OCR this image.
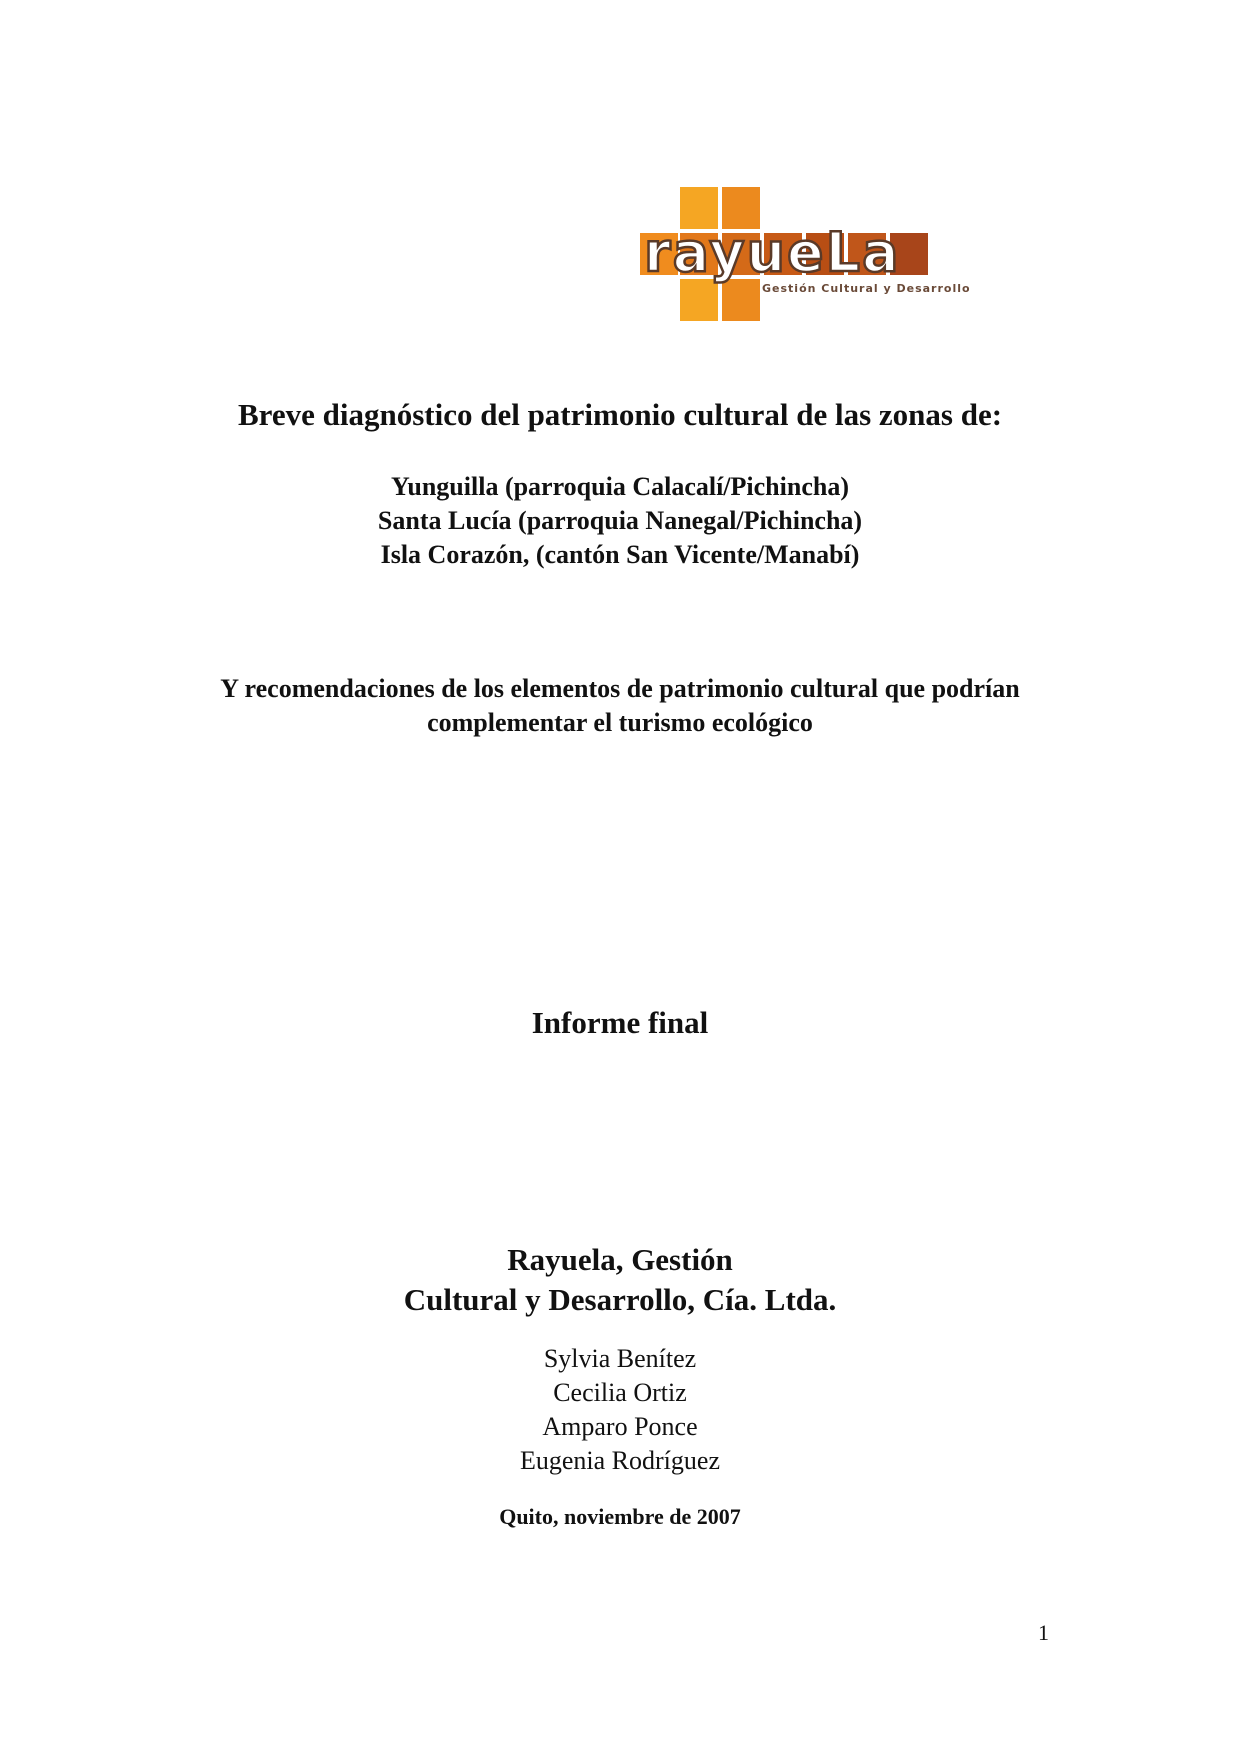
rayueLa
Gestión Cultural y Desarrollo
Breve diagnóstico del patrimonio cultural de las zonas de:
Yunguilla (parroquia Calacalí/Pichincha)
Santa Lucía (parroquia Nanegal/Pichincha)
Isla Corazón, (cantón San Vicente/Manabí)
Y recomendaciones de los elementos de patrimonio cultural que podrían complementar el turismo ecológico
Informe final
Rayuela, Gestión
Cultural y Desarrollo, Cía. Ltda.
Sylvia Benítez
Cecilia Ortiz
Amparo Ponce
Eugenia Rodríguez
Quito, noviembre de 2007
1
